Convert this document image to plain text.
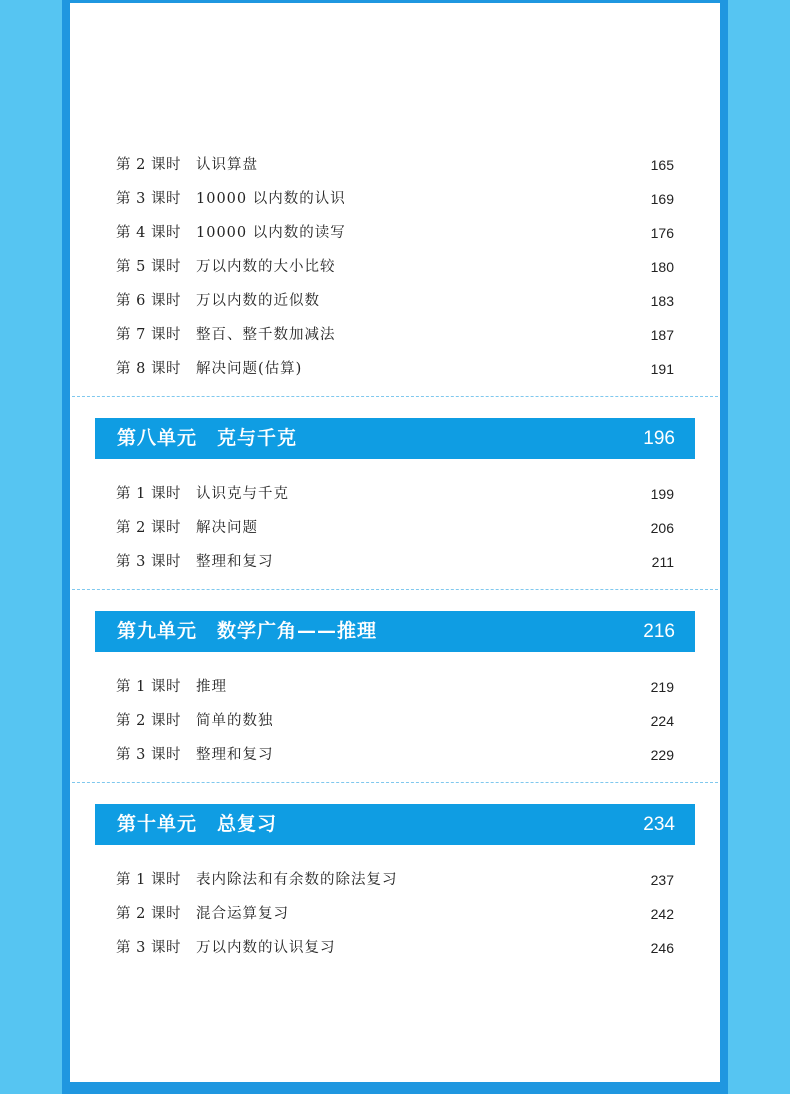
第 2 课时 认识算盘	165
第 3 课时 10000 以内数的认识	169
第 4 课时 10000 以内数的读写	176
第 5 课时 万以内数的大小比较	180
第 6 课时 万以内数的近似数	183
第 7 课时 整百、整千数加减法	187
第 8 课时 解决问题(估算)	191
第八单元　克与千克	196
第 1 课时 认识克与千克	199
第 2 课时 解决问题	206
第 3 课时 整理和复习	211
第九单元　数学广角——推理	216
第 1 课时 推理	219
第 2 课时 简单的数独	224
第 3 课时 整理和复习	229
第十单元　总复习	234
第 1 课时 表内除法和有余数的除法复习	237
第 2 课时 混合运算复习	242
第 3 课时 万以内数的认识复习	246
